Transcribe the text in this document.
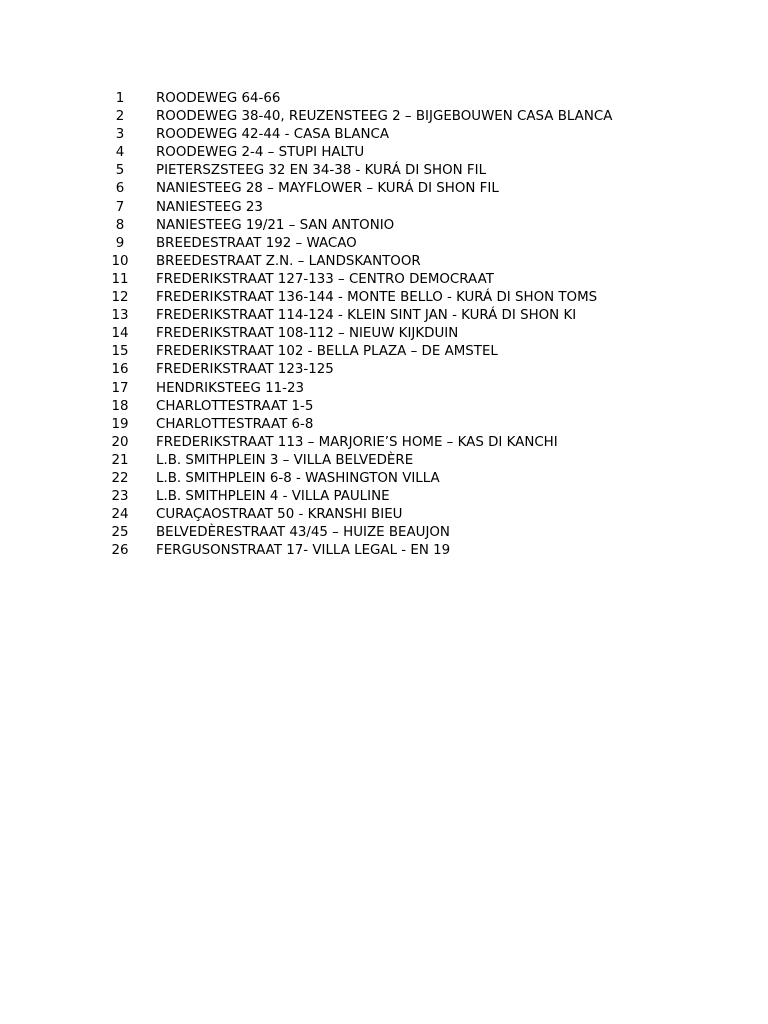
1	ROODEWEG 64-66
2	ROODEWEG 38-40, REUZENSTEEG 2 – BIJGEBOUWEN CASA BLANCA
3	ROODEWEG 42-44 - CASA BLANCA
4	ROODEWEG 2-4 – STUPI HALTU
5	PIETERSZSTEEG 32 EN 34-38 - KURÁ DI SHON FIL
6	NANIESTEEG 28 – MAYFLOWER – KURÁ DI SHON FIL
7	NANIESTEEG 23
8	NANIESTEEG 19/21 – SAN ANTONIO
9	BREEDESTRAAT 192 – WACAO
10	BREEDESTRAAT Z.N. – LANDSKANTOOR
11	FREDERIKSTRAAT 127-133 – CENTRO DEMOCRAAT
12	FREDERIKSTRAAT 136-144 - MONTE BELLO - KURÁ DI SHON TOMS
13	FREDERIKSTRAAT 114-124 - KLEIN SINT JAN - KURÁ DI SHON KI
14	FREDERIKSTRAAT 108-112 – NIEUW KIJKDUIN
15	FREDERIKSTRAAT 102 - BELLA PLAZA – DE AMSTEL
16	FREDERIKSTRAAT 123-125
17	HENDRIKSTEEG 11-23
18	CHARLOTTESTRAAT 1-5
19	CHARLOTTESTRAAT 6-8
20	FREDERIKSTRAAT 113 – MARJORIE’S HOME – KAS DI KANCHI
21	L.B. SMITHPLEIN 3 – VILLA BELVEDÈRE
22	L.B. SMITHPLEIN 6-8 - WASHINGTON VILLA
23	L.B. SMITHPLEIN 4 - VILLA PAULINE
24	CURAÇAOSTRAAT 50 - KRANSHI BIEU
25	BELVEDÈRESTRAAT 43/45 – HUIZE BEAUJON
26	FERGUSONSTRAAT 17- VILLA LEGAL - EN 19
